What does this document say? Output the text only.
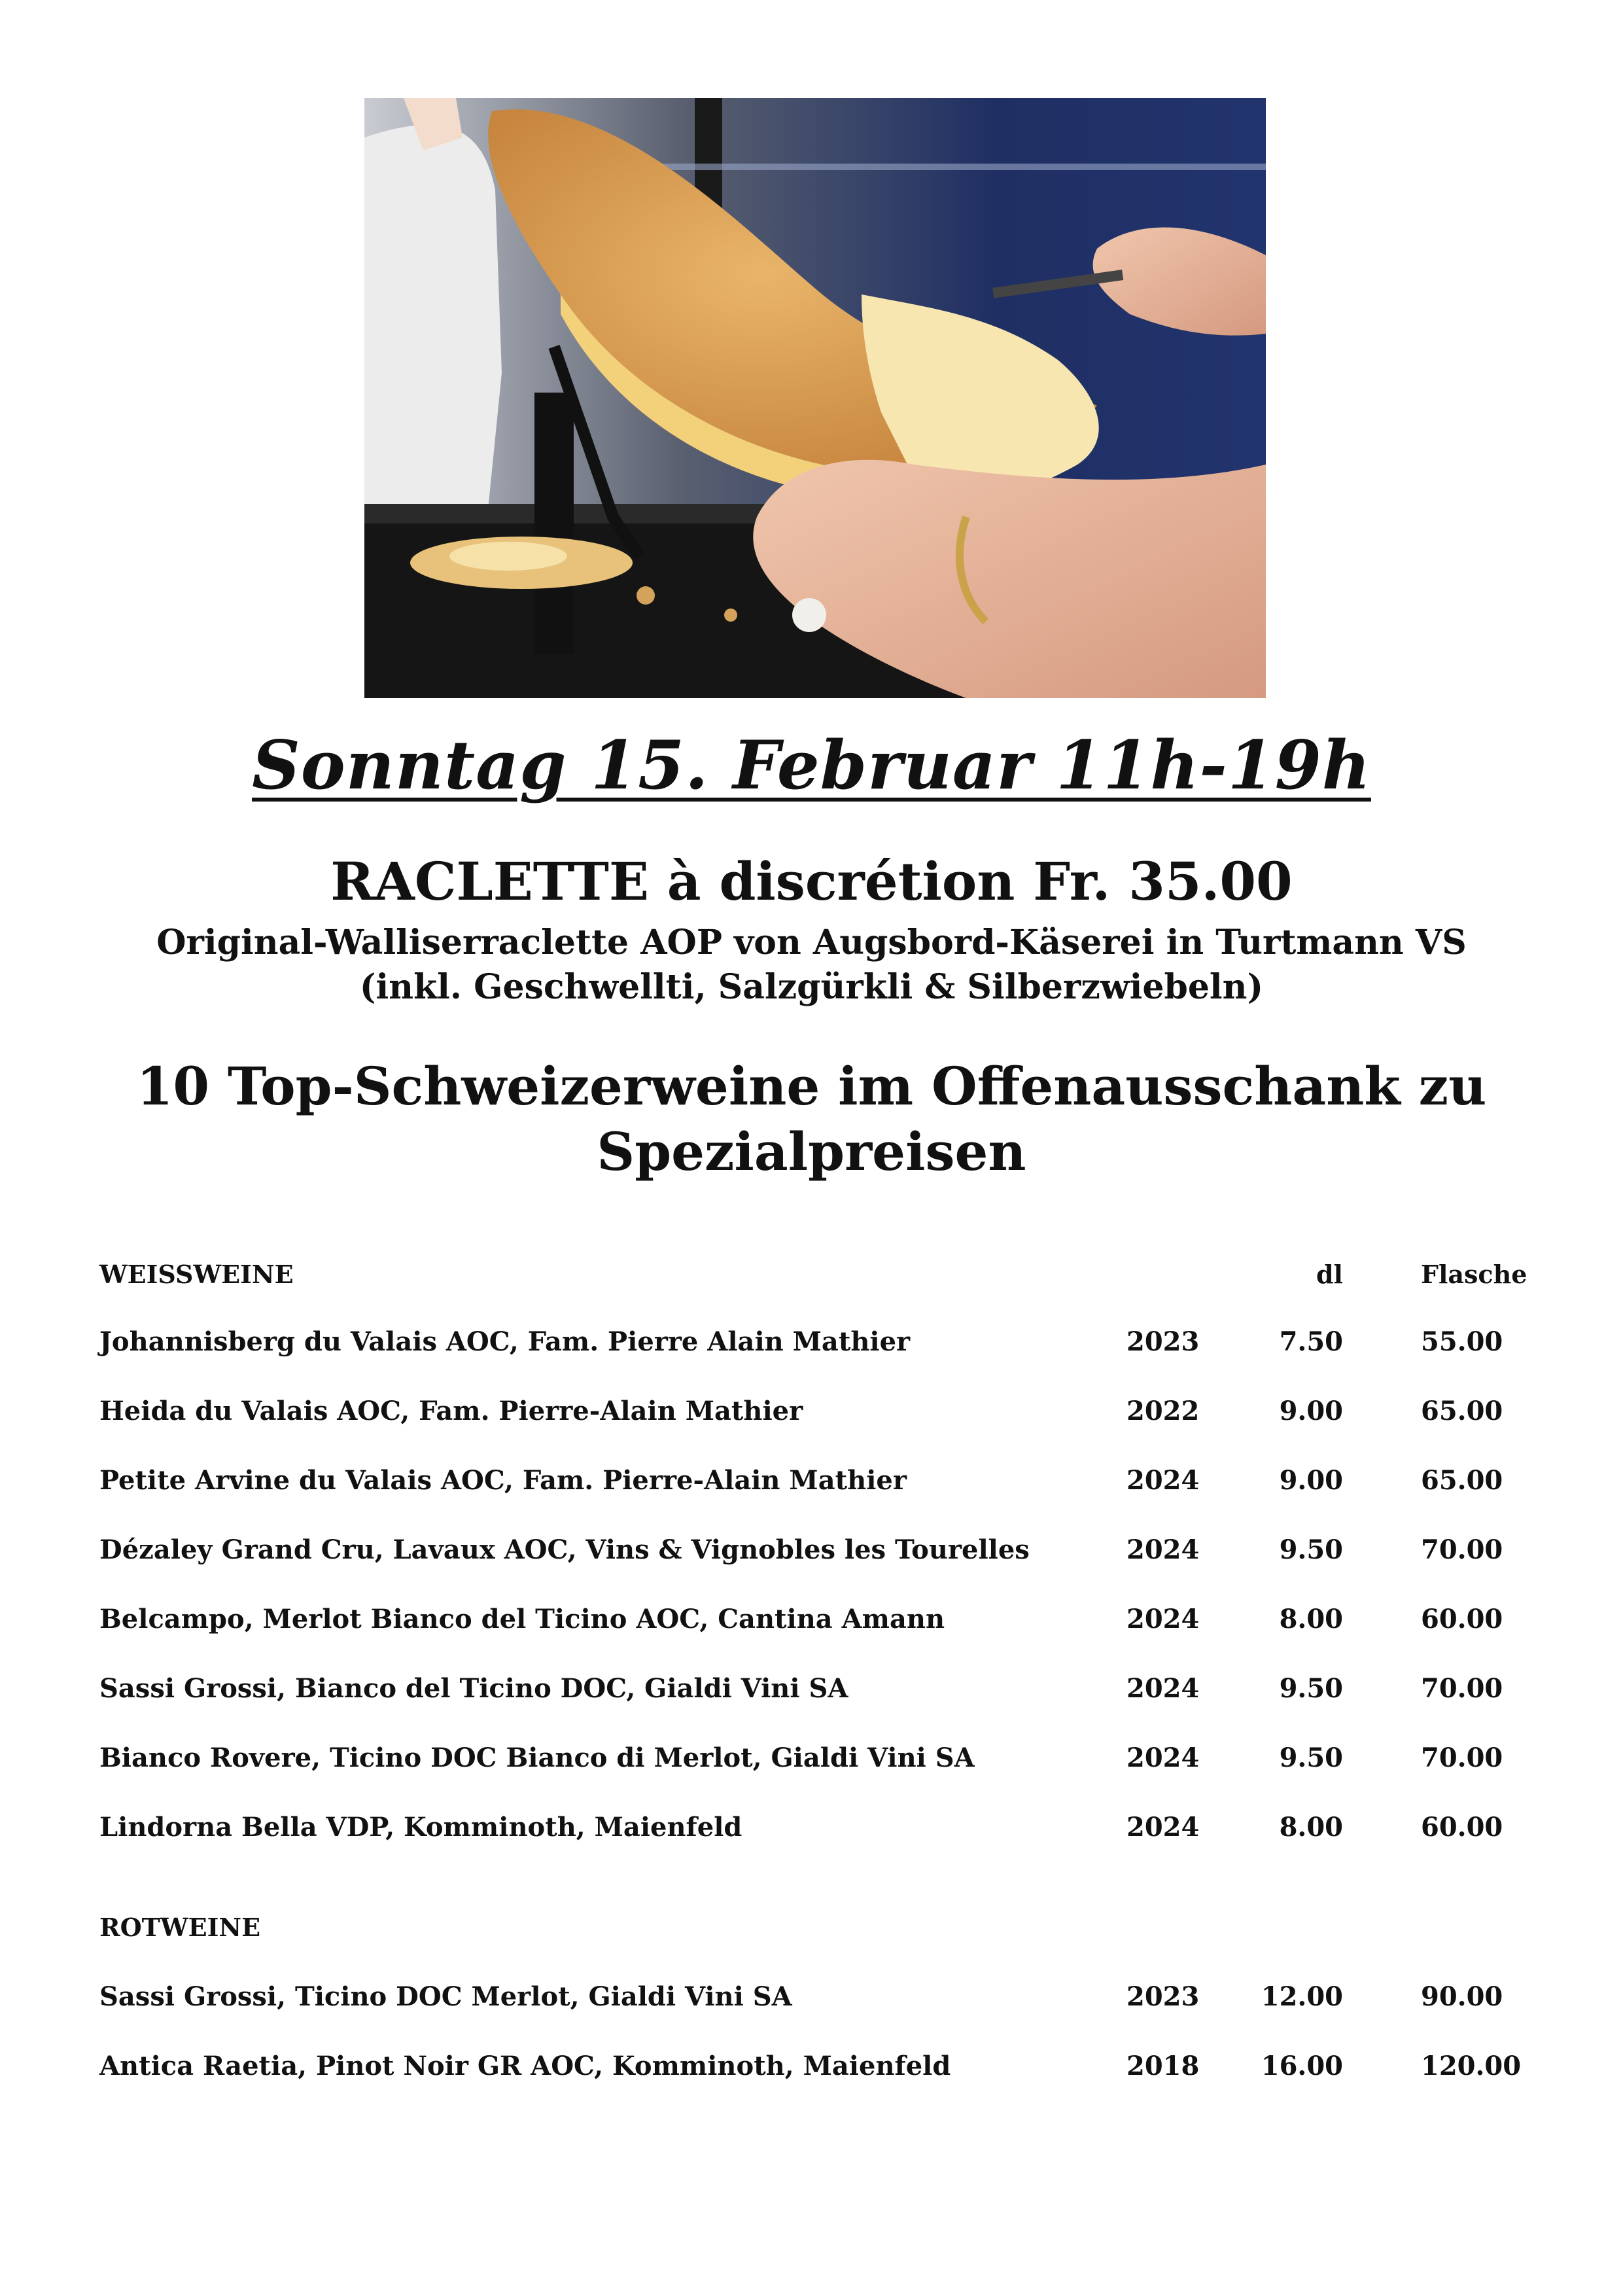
Sonntag 15. Februar 11h-19h
RACLETTE à discrétion Fr. 35.00
Original-Walliserraclette AOP von Augsbord-Käserei in Turtmann VS
(inkl. Geschwellti, Salzgürkli & Silberzwiebeln)
10 Top-Schweizerweine im Offenausschank zu
Spezialpreisen
WEISSWEINE	dl	Flasche
Johannisberg du Valais AOC, Fam. Pierre Alain Mathier	2023	7.50	55.00
Heida du Valais AOC, Fam. Pierre-Alain Mathier	2022	9.00	65.00
Petite Arvine du Valais AOC, Fam. Pierre-Alain Mathier	2024	9.00	65.00
Dézaley Grand Cru, Lavaux AOC, Vins & Vignobles les Tourelles	2024	9.50	70.00
Belcampo, Merlot Bianco del Ticino AOC, Cantina Amann	2024	8.00	60.00
Sassi Grossi, Bianco del Ticino DOC, Gialdi Vini SA	2024	9.50	70.00
Bianco Rovere, Ticino DOC Bianco di Merlot, Gialdi Vini SA	2024	9.50	70.00
Lindorna Bella VDP, Komminoth, Maienfeld	2024	8.00	60.00
ROTWEINE
Sassi Grossi, Ticino DOC Merlot, Gialdi Vini SA	2023 12.00	90.00
Antica Raetia, Pinot Noir GR AOC, Komminoth, Maienfeld	2018 16.00	120.00
